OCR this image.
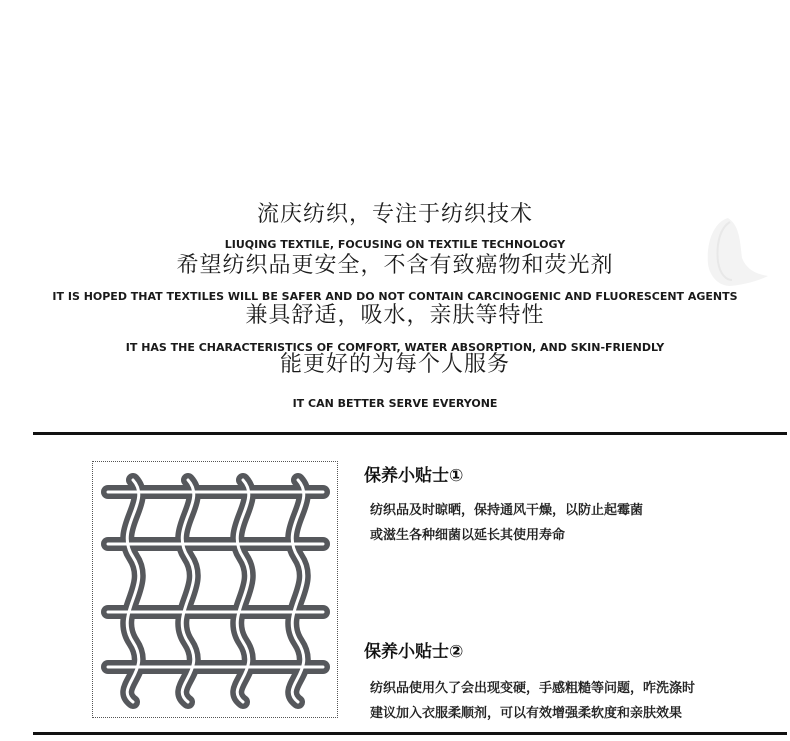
流庆纺织，专注于纺织技术
LIUQING TEXTILE, FOCUSING ON TEXTILE TECHNOLOGY
希望纺织品更安全，不含有致癌物和荧光剂
IT IS HOPED THAT TEXTILES WILL BE SAFER AND DO NOT CONTAIN CARCINOGENIC AND FLUORESCENT AGENTS
兼具舒适，吸水，亲肤等特性
IT HAS THE CHARACTERISTICS OF COMFORT, WATER ABSORPTION, AND SKIN-FRIENDLY
能更好的为每个人服务
IT CAN BETTER SERVE EVERYONE
保养小贴士①
纺织品及时晾晒，保持通风干燥，以防止起霉菌
或滋生各种细菌以延长其使用寿命
保养小贴士②
纺织品使用久了会出现变硬，手感粗糙等问题，咋洗涤时
建议加入衣服柔顺剂，可以有效增强柔软度和亲肤效果
